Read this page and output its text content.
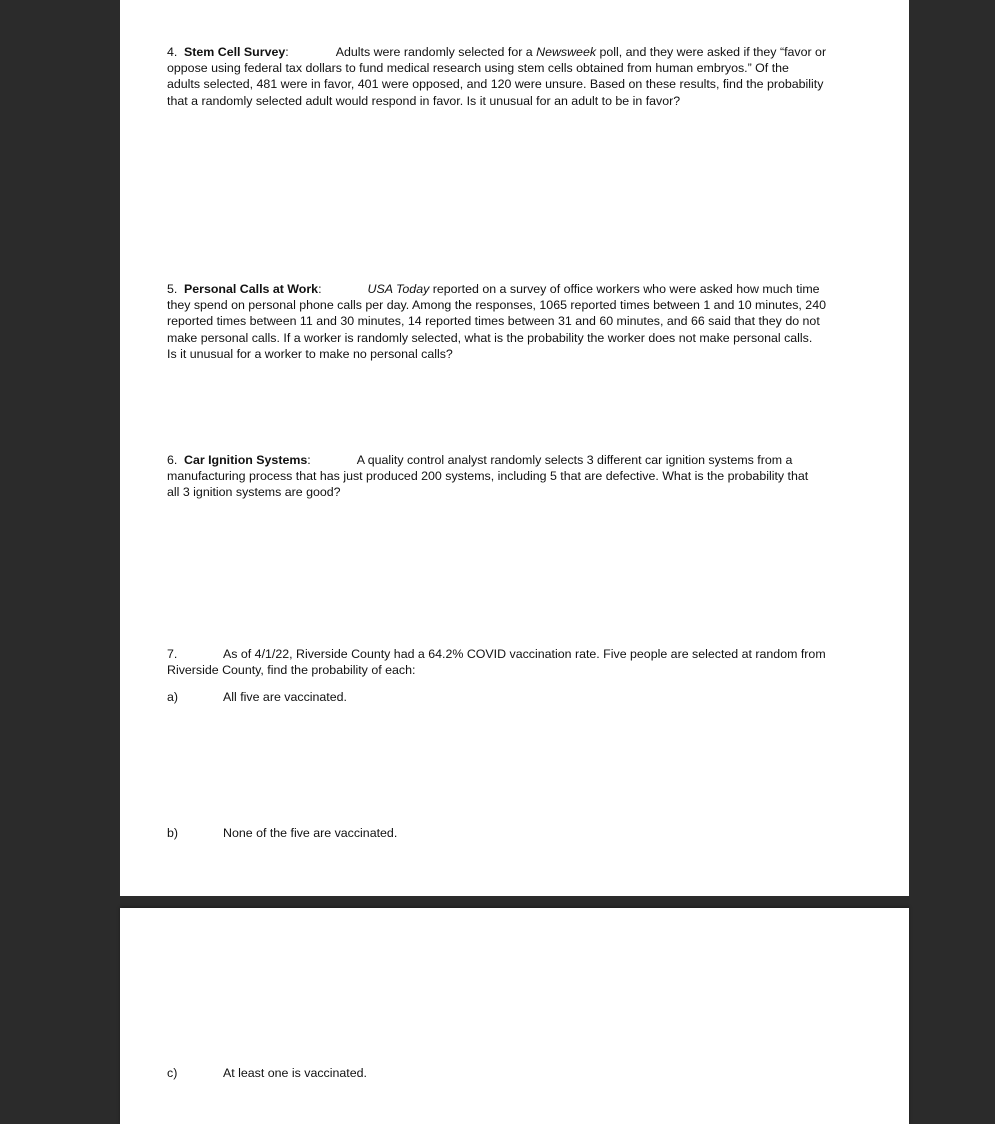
4. Stem Cell Survey:	Adults were randomly selected for a Newsweek poll, and they were asked if they “favor or
oppose using federal tax dollars to fund medical research using stem cells obtained from human embryos.” Of the
adults selected, 481 were in favor, 401 were opposed, and 120 were unsure. Based on these results, find the probability
that a randomly selected adult would respond in favor. Is it unusual for an adult to be in favor?
5. Personal Calls at Work:	USA Today reported on a survey of office workers who were asked how much time
they spend on personal phone calls per day. Among the responses, 1065 reported times between 1 and 10 minutes, 240
reported times between 11 and 30 minutes, 14 reported times between 31 and 60 minutes, and 66 said that they do not
make personal calls. If a worker is randomly selected, what is the probability the worker does not make personal calls.
Is it unusual for a worker to make no personal calls?
6. Car Ignition Systems:	A quality control analyst randomly selects 3 different car ignition systems from a
manufacturing process that has just produced 200 systems, including 5 that are defective. What is the probability that
all 3 ignition systems are good?
7.	As of 4/1/22, Riverside County had a 64.2% COVID vaccination rate. Five people are selected at random from
Riverside County, find the probability of each:
a)	All five are vaccinated.
b)	None of the five are vaccinated.
c)	At least one is vaccinated.
